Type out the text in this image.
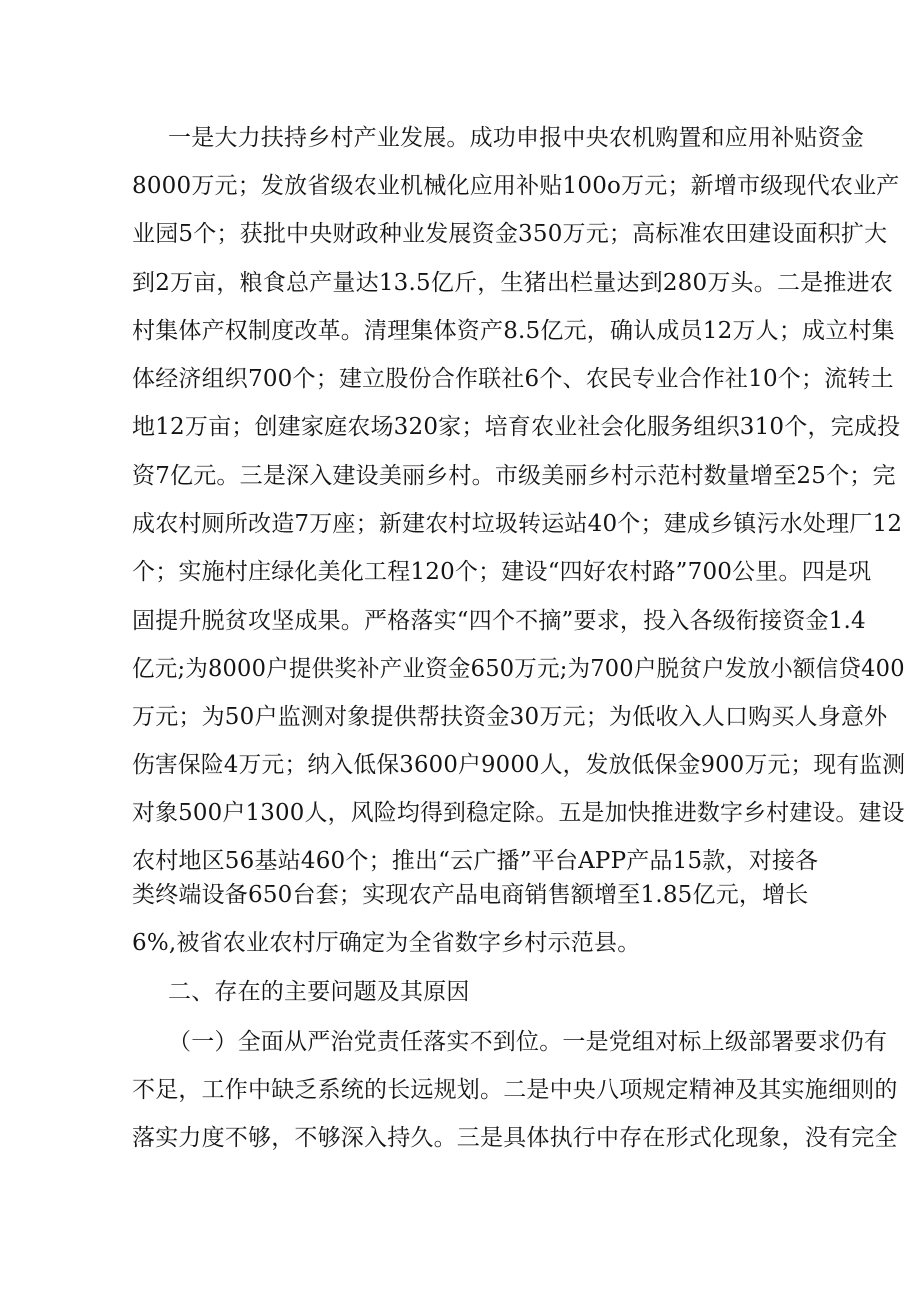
一是大力扶持乡村产业发展。成功申报中央农机购置和应用补贴资金
8000万元；发放省级农业机械化应用补贴100o万元；新增市级现代农业产
业园5个；获批中央财政种业发展资金350万元；高标准农田建设面积扩大
到2万亩，粮食总产量达13.5亿斤，生猪出栏量达到280万头。二是推进农
村集体产权制度改革。清理集体资产8.5亿元，确认成员12万人；成立村集
体经济组织700个；建立股份合作联社6个、农民专业合作社10个；流转土
地12万亩；创建家庭农场320家；培育农业社会化服务组织310个，完成投
资7亿元。三是深入建设美丽乡村。市级美丽乡村示范村数量增至25个；完
成农村厕所改造7万座；新建农村垃圾转运站40个；建成乡镇污水处理厂12
个；实施村庄绿化美化工程120个；建设“四好农村路”700公里。四是巩
固提升脱贫攻坚成果。严格落实“四个不摘”要求，投入各级衔接资金1.4
亿元;为8000户提供奖补产业资金650万元;为700户脱贫户发放小额信贷400
万元；为50户监测对象提供帮扶资金30万元；为低收入人口购买人身意外
伤害保险4万元；纳入低保3600户9000人，发放低保金900万元；现有监测
对象500户1300人，风险均得到稳定除。五是加快推进数字乡村建设。建设
农村地区56基站460个；推出“云广播”平台APP产品15款，对接各
类终端设备650台套；实现农产品电商销售额增至1.85亿元，增长
6%,被省农业农村厅确定为全省数字乡村示范县。
二、存在的主要问题及其原因
（一）全面从严治党责任落实不到位。一是党组对标上级部署要求仍有
不足，工作中缺乏系统的长远规划。二是中央八项规定精神及其实施细则的
落实力度不够，不够深入持久。三是具体执行中存在形式化现象，没有完全
